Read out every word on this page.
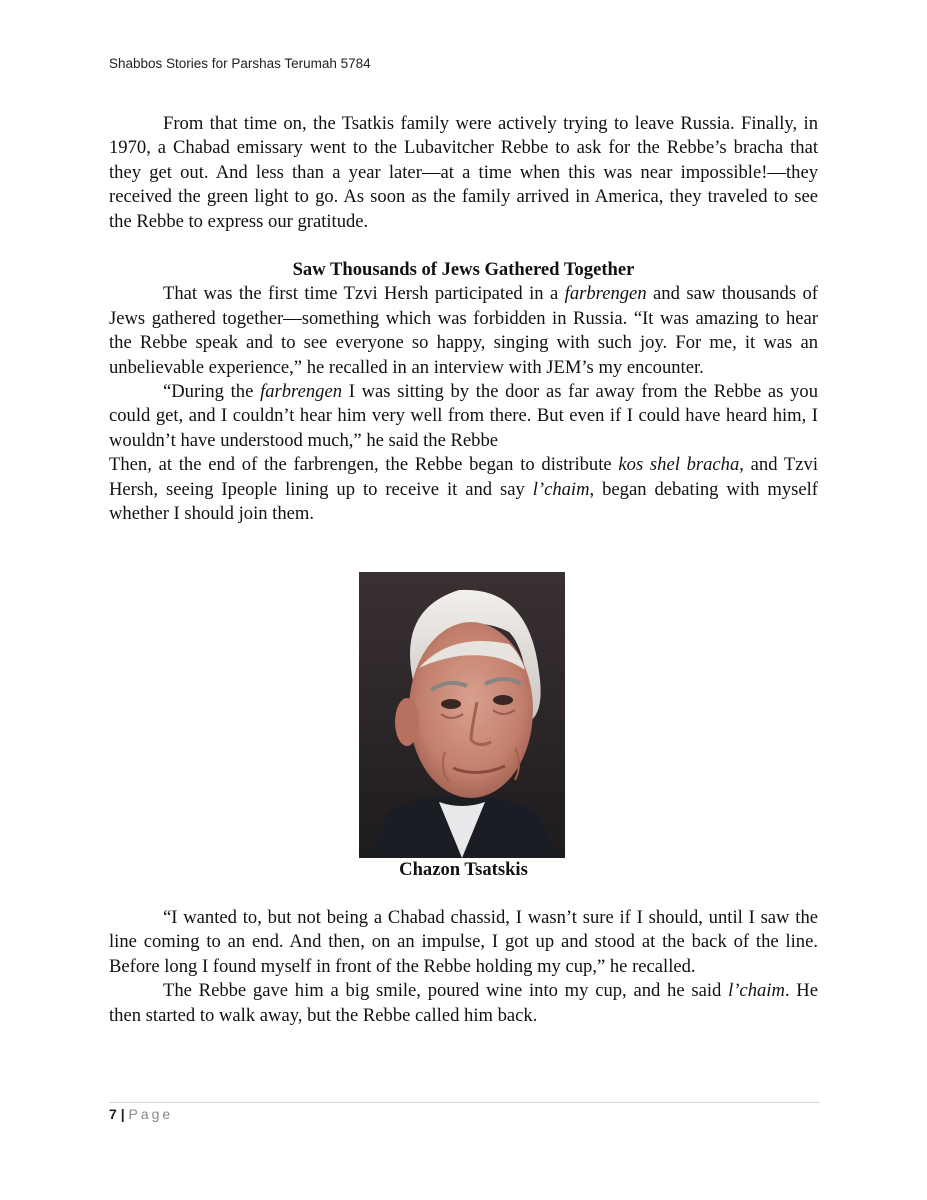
Shabbos Stories for Parshas Terumah 5784

From that time on, the Tsatkis family were actively trying to leave Russia. Finally, in 1970, a Chabad emissary went to the Lubavitcher Rebbe to ask for the Rebbe’s bracha that they get out. And less than a year later—at a time when this was near impossible!—they received the green light to go. As soon as the family arrived in America, they traveled to see the Rebbe to express our gratitude.

Saw Thousands of Jews Gathered Together

That was the first time Tzvi Hersh participated in a farbrengen and saw thousands of Jews gathered together—something which was forbidden in Russia. “It was amazing to hear the Rebbe speak and to see everyone so happy, singing with such joy. For me, it was an unbelievable experience,” he recalled in an interview with JEM’s my encounter.

“During the farbrengen I was sitting by the door as far away from the Rebbe as you could get, and I couldn’t hear him very well from there. But even if I could have heard him, I wouldn’t have understood much,” he said the Rebbe

Then, at the end of the farbrengen, the Rebbe began to distribute kos shel bracha, and Tzvi Hersh, seeing Ipeople lining up to receive it and say l’chaim, began debating with myself whether I should join them.

Chazon Tsatskis

“I wanted to, but not being a Chabad chassid, I wasn’t sure if I should, until I saw the line coming to an end. And then, on an impulse, I got up and stood at the back of the line. Before long I found myself in front of the Rebbe holding my cup,” he recalled.

The Rebbe gave him a big smile, poured wine into my cup, and he said l’chaim. He then started to walk away, but the Rebbe called him back.

7 | Page
